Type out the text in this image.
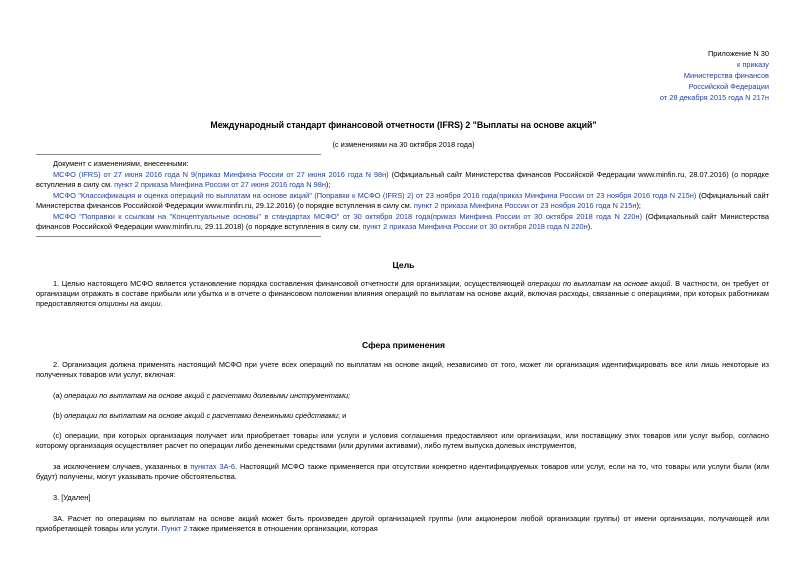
Приложение N 30
к приказу
Министерства финансов
Российской Федерации
от 28 декабря 2015 года N 217н
Международный стандарт финансовой отчетности (IFRS) 2 "Выплаты на основе акций"
(с изменениями на 30 октября 2018 года)

Документ с изменениями, внесенными:

МСФО (IFRS) от 27 июня 2016 года N 9(приказ Минфина России от 27 июня 2016 года N 98н) (Официальный сайт Министерства финансов Российской Федерации www.minfin.ru, 28.07.2016) (о порядке вступления в силу см. пункт 2 приказа Минфина России от 27 июня 2016 года N 98н);

МСФО "Классификация и оценка операций по выплатам на основе акций" (Поправки к МСФО (IFRS) 2) от 23 ноября 2016 года(приказ Минфина России от 23 ноября 2016 года N 215н) (Официальный сайт Министерства финансов Российской Федерации www.minfin.ru, 29.12.2016) (о порядке вступления в силу см. пункт 2 приказа Минфина России от 23 ноября 2016 года N 215н);

МСФО "Поправки к ссылкам на "Концептуальные основы" в стандартах МСФО" от 30 октября 2018 года(приказ Минфина России от 30 октября 2018 года N 220н) (Официальный сайт Министерства финансов Российской Федерации www.minfin.ru, 29.11.2018) (о порядке вступления в силу см. пункт 2 приказа Минфина России от 30 октября 2018 года N 220н).

Цель

1. Целью настоящего МСФО является установление порядка составления финансовой отчетности для организации, осуществляющей операции по выплатам на основе акций. В частности, он требует от организации отражать в составе прибыли или убытка и в отчете о финансовом положении влияния операций по выплатам на основе акций, включая расходы, связанные с операциями, при которых работникам предоставляются опционы на акции.

Сфера применения

2. Организация должна применять настоящий МСФО при учете всех операций по выплатам на основе акций, независимо от того, может ли организация идентифицировать все или лишь некоторые из полученных товаров или услуг, включая:

(a) операции по выплатам на основе акций с расчетами долевыми инструментами;

(b) операции по выплатам на основе акций с расчетами денежными средствами; и

(c) операции, при которых организация получает или приобретает товары или услуги и условия соглашения предоставляют или организации, или поставщику этих товаров или услуг выбор, согласно которому организация осуществляет расчет по операции либо денежными средствами (или другими активами), либо путем выпуска долевых инструментов,

за исключением случаев, указанных в пунктах 3А-6. Настоящий МСФО также применяется при отсутствии конкретно идентифицируемых товаров или услуг, если на то, что товары или услуги были (или будут) получены, могут указывать прочие обстоятельства.

3. [Удален]

3А. Расчет по операциям по выплатам на основе акций может быть произведен другой организацией группы (или акционером любой организации группы) от имени организации, получающей или приобретающей товары или услуги. Пункт 2 также применяется в отношении организации, которая
